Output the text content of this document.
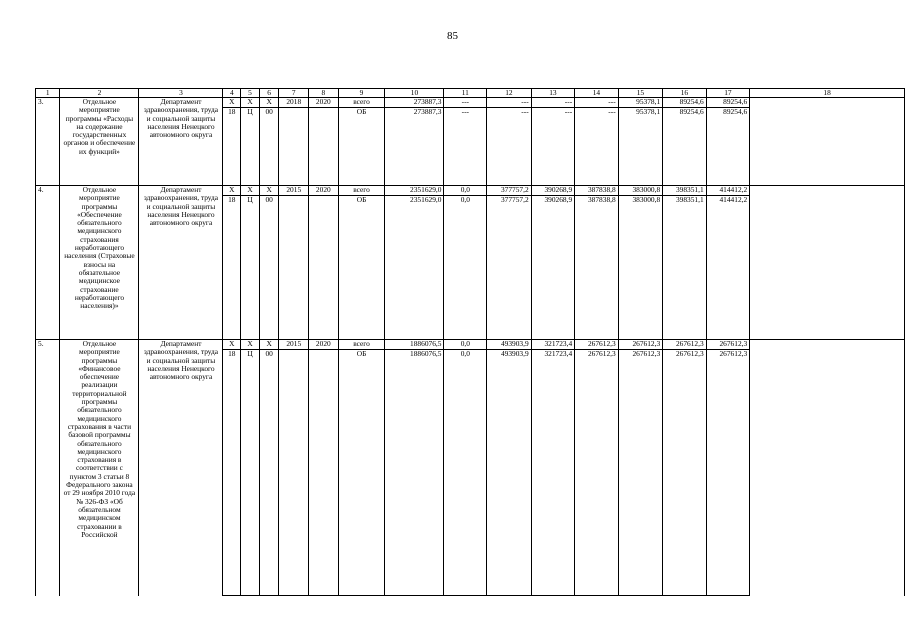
85
1	2	3	4	5	6	7	8	9	10	11	12	13	14	15	16	17	18
3.	Отдельное мероприятие программы «Расходы на содержание государственных органов и обеспечение их функций»	Департамент здравоохранения, труда и социальной защиты населения Ненецкого автономного округа	Х	Х	Х	2018	2020	всего	273887,3	---	---	---	---	95378,1	89254,6	89254,6	
			18	Ц	00			ОБ	273887,3	---	---	---	---	95378,1	89254,6	89254,6	

4.	Отдельное мероприятие программы «Обеспечение обязательного медицинского страхования неработающего населения (Страховые взносы на обязательное медицинское страхование неработающего населения)»	Департамент здравоохранения, труда и социальной защиты населения Ненецкого автономного округа	Х	Х	Х	2015	2020	всего	2351629,0	0,0	377757,2	390268,9	387838,8	383000,8	398351,1	414412,2	
			18	Ц	00			ОБ	2351629,0	0,0	377757,2	390268,9	387838,8	383000,8	398351,1	414412,2	

5.	Отдельное мероприятие программы «Финансовое обеспечение реализации территориальной программы обязательного медицинского страхования в части базовой программы обязательного медицинского страхования в соответствии с пунктом 3 статьи 8 Федерального закона от 29 ноября 2010 года № 326-ФЗ «Об обязательном медицинском страховании в Российской	Департамент здравоохранения, труда и социальной защиты населения Ненецкого автономного округа	Х	Х	Х	2015	2020	всего	1886076,5	0,0	493903,9	321723,4	267612,3	267612,3	267612,3	267612,3	
			18	Ц	00			ОБ	1886076,5	0,0	493903,9	321723,4	267612,3	267612,3	267612,3	267612,3	
